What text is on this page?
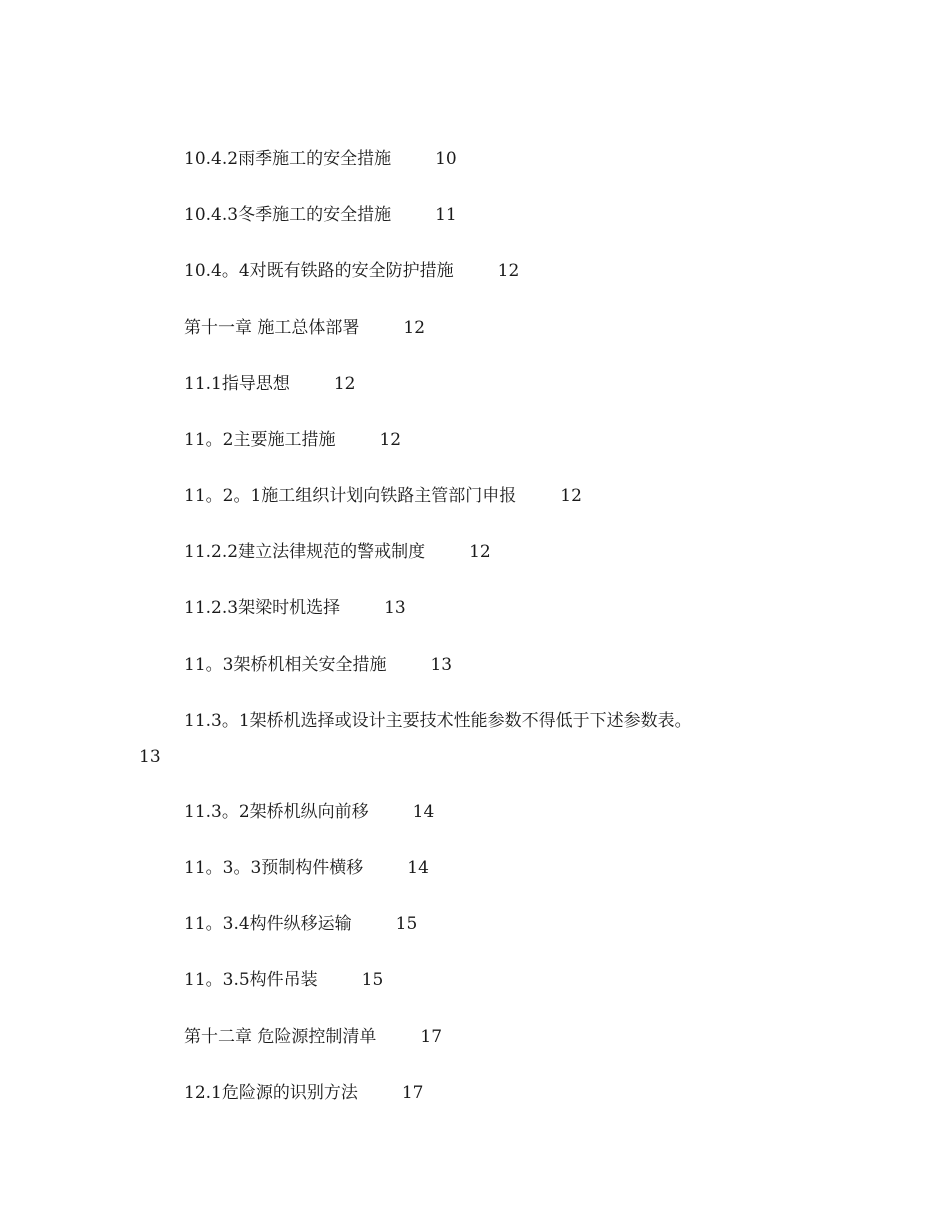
10.4.2雨季施工的安全措施	10
10.4.3冬季施工的安全措施	11
10.4。4对既有铁路的安全防护措施	12
第十一章 施工总体部署	12
11.1指导思想	12
11。2主要施工措施	12
11。2。1施工组织计划向铁路主管部门申报	12
11.2.2建立法律规范的警戒制度	12
11.2.3架梁时机选择	13
11。3架桥机相关安全措施	13
11.3。1架桥机选择或设计主要技术性能参数不得低于下述参数表。
13
11.3。2架桥机纵向前移	14
11。3。3预制构件横移	14
11。3.4构件纵移运输	15
11。3.5构件吊装	15
第十二章 危险源控制清单	17
12.1危险源的识别方法	17
